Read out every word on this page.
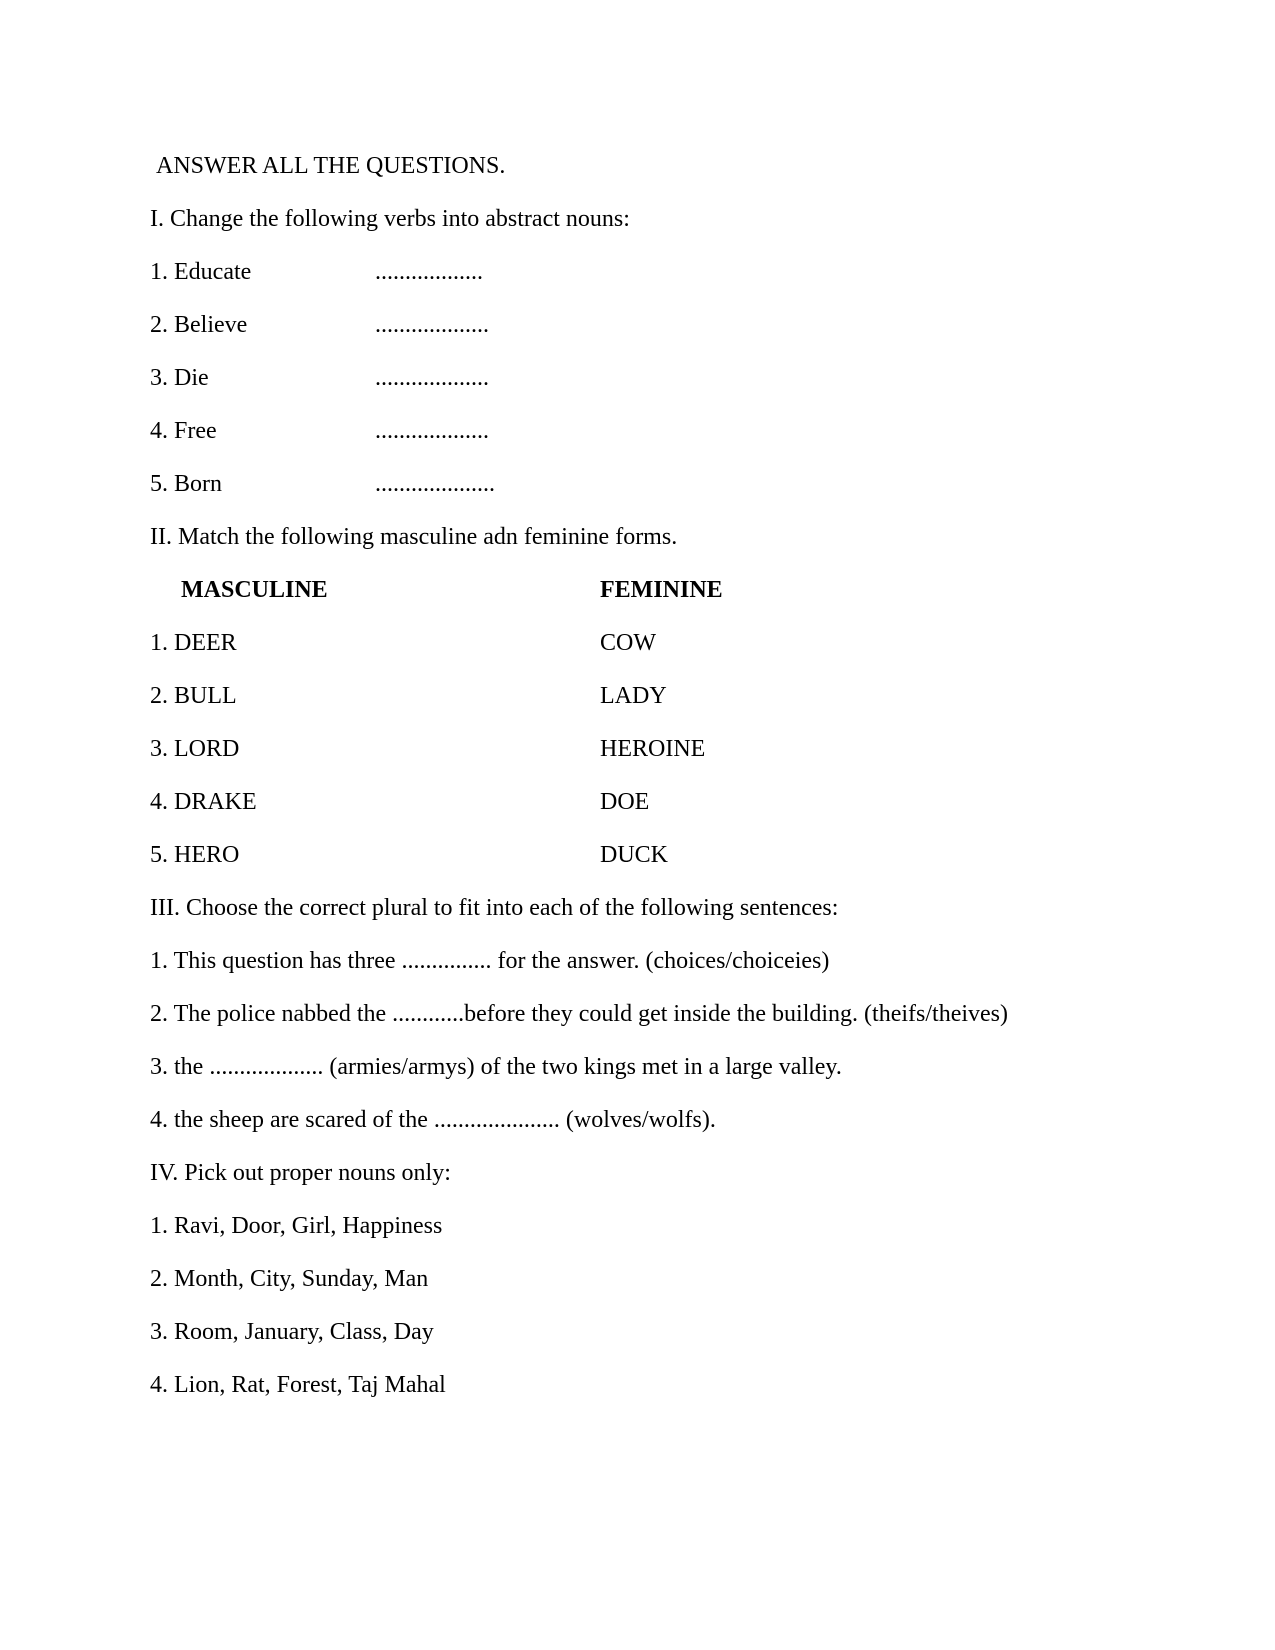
ANSWER ALL THE QUESTIONS.
I. Change the following verbs into abstract nouns:
1. Educate	..................
2. Believe	...................
3. Die	...................
4. Free	...................
5. Born	....................
II. Match the following masculine adn feminine forms.
MASCULINE	FEMININE
1. DEER	COW
2. BULL	LADY
3. LORD	HEROINE
4. DRAKE	DOE
5. HERO	DUCK
III. Choose the correct plural to fit into each of the following sentences:
1. This question has three ............... for the answer. (choices/choiceies)
2. The police nabbed the ............before they could get inside the building. (theifs/theives)
3. the ................... (armies/armys) of the two kings met in a large valley.
4. the sheep are scared of the ..................... (wolves/wolfs).
IV. Pick out proper nouns only:
1. Ravi, Door, Girl, Happiness
2. Month, City, Sunday, Man
3. Room, January, Class, Day
4. Lion, Rat, Forest, Taj Mahal
